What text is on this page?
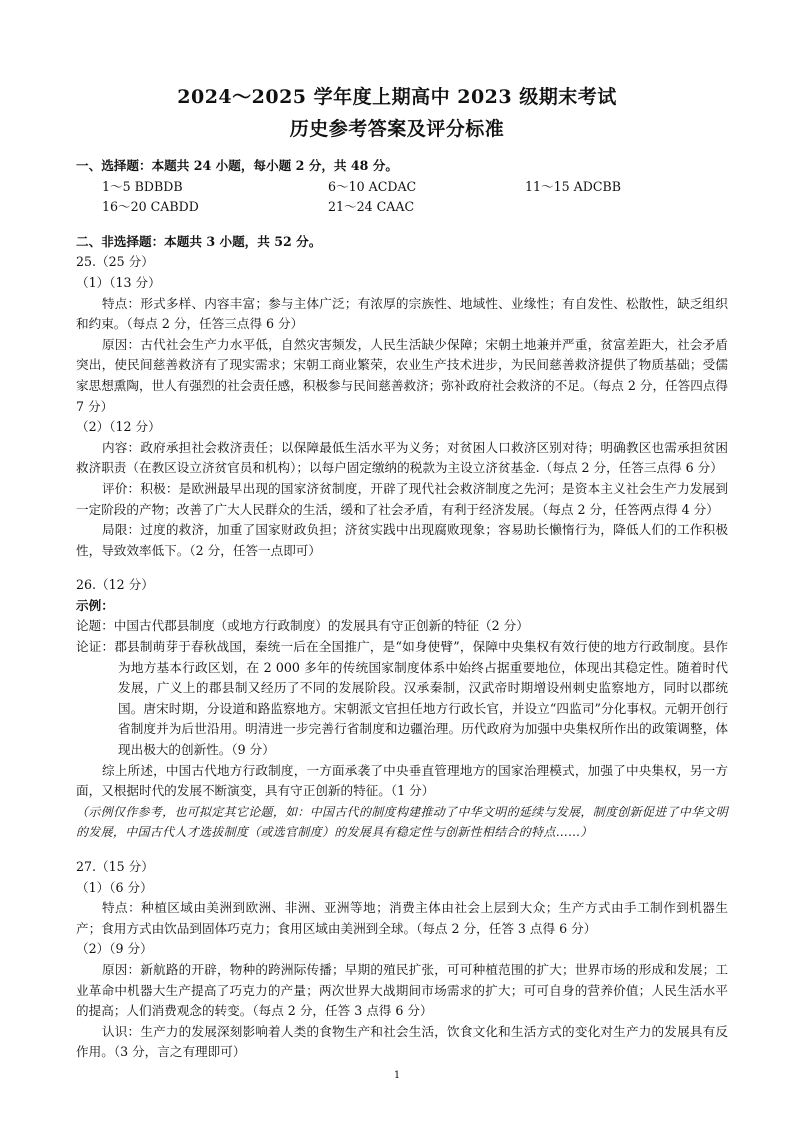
2024～2025 学年度上期高中 2023 级期末考试
历史参考答案及评分标准
一、选择题：本题共 24 小题，每小题 2 分，共 48 分。
1～5 BDBDB	6～10 ACDAC	11～15 ADCBB
16～20 CABDD	21～24 CAAC
二、非选择题：本题共 3 小题，共 52 分。
25.（25 分）
（1）（13 分）

特点：形式多样、内容丰富；参与主体广泛；有浓厚的宗族性、地域性、业缘性；有自发性、松散性，缺乏组织和约束。（每点 2 分，任答三点得 6 分）

原因：古代社会生产力水平低，自然灾害频发，人民生活缺少保障；宋朝土地兼并严重，贫富差距大，社会矛盾突出，使民间慈善救济有了现实需求；宋朝工商业繁荣，农业生产技术进步，为民间慈善救济提供了物质基础；受儒家思想熏陶，世人有强烈的社会责任感，积极参与民间慈善救济；弥补政府社会救济的不足。（每点 2 分，任答四点得 7 分）

（2）（12 分）

内容：政府承担社会救济责任；以保障最低生活水平为义务；对贫困人口救济区别对待；明确教区也需承担贫困救济职责（在教区设立济贫官员和机构）；以每户固定缴纳的税款为主设立济贫基金.（每点 2 分，任答三点得 6 分）

评价：积极：是欧洲最早出现的国家济贫制度，开辟了现代社会救济制度之先河；是资本主义社会生产力发展到一定阶段的产物；改善了广大人民群众的生活，缓和了社会矛盾，有利于经济发展。（每点 2 分，任答两点得 4 分）

局限：过度的救济，加重了国家财政负担；济贫实践中出现腐败现象；容易助长懒惰行为，降低人们的工作积极性，导致效率低下。（2 分，任答一点即可）

26.（12 分）
示例：
论题：中国古代郡县制度（或地方行政制度）的发展具有守正创新的特征（2 分）

论证：郡县制萌芽于春秋战国，秦统一后在全国推广，是“如身使臂”，保障中央集权有效行使的地方行政制度。县作为地方基本行政区划，在 2 000 多年的传统国家制度体系中始终占据重要地位，体现出其稳定性。随着时代发展，广义上的郡县制又经历了不同的发展阶段。汉承秦制，汉武帝时期增设州刺史监察地方，同时以郡统国。唐宋时期，分设道和路监察地方。宋朝派文官担任地方行政长官，并设立“四监司”分化事权。元朝开创行省制度并为后世沿用。明清进一步完善行省制度和边疆治理。历代政府为加强中央集权所作出的政策调整，体现出极大的创新性。（9 分）

综上所述，中国古代地方行政制度，一方面承袭了中央垂直管理地方的国家治理模式，加强了中央集权，另一方面，又根据时代的发展不断演变，具有守正创新的特征。（1 分）

（示例仅作参考，也可拟定其它论题，如：中国古代的制度构建推动了中华文明的延续与发展，制度创新促进了中华文明的发展，中国古代人才选拔制度（或选官制度）的发展具有稳定性与创新性相结合的特点……）

27.（15 分）
（1）（6 分）

特点：种植区域由美洲到欧洲、非洲、亚洲等地；消费主体由社会上层到大众；生产方式由手工制作到机器生产；食用方式由饮品到固体巧克力；食用区域由美洲到全球。（每点 2 分，任答 3 点得 6 分）

（2）（9 分）

原因：新航路的开辟，物种的跨洲际传播；早期的殖民扩张，可可种植范围的扩大；世界市场的形成和发展；工业革命中机器大生产提高了巧克力的产量；两次世界大战期间市场需求的扩大；可可自身的营养价值；人民生活水平的提高；人们消费观念的转变。（每点 2 分，任答 3 点得 6 分）

认识：生产力的发展深刻影响着人类的食物生产和社会生活，饮食文化和生活方式的变化对生产力的发展具有反作用。（3 分，言之有理即可）

1
